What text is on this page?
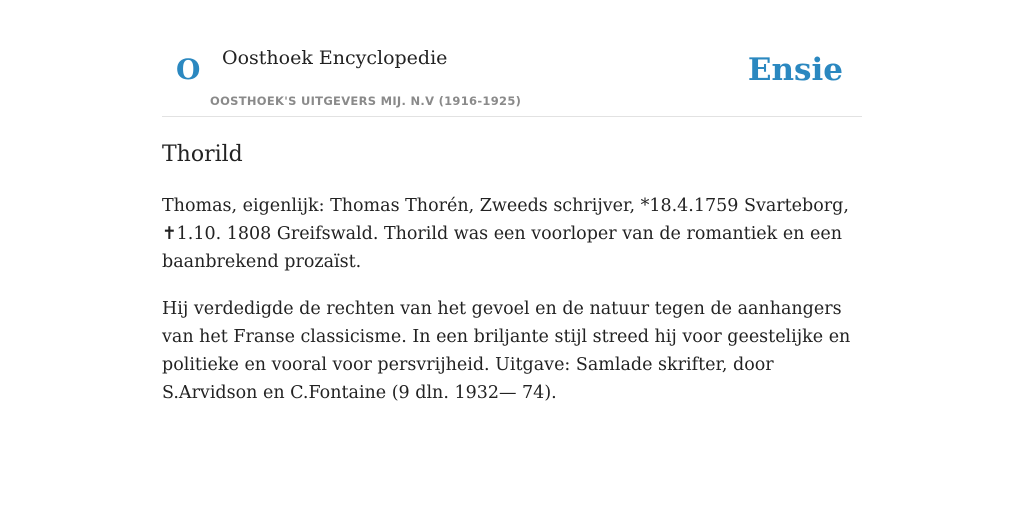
O Oosthoek Encyclopedie
OOSTHOEK'S UITGEVERS MIJ. N.V (1916-1925)
Ensie
Thorild

Thomas, eigenlijk: Thomas Thorén, Zweeds schrijver, *18.4.1759 Svarteborg, ✝1.10. 1808 Greifswald. Thorild was een voorloper van de romantiek en een baanbrekend prozaïst.

Hij verdedigde de rechten van het gevoel en de natuur tegen de aanhangers van het Franse classicisme. In een briljante stijl streed hij voor geestelijke en politieke en vooral voor persvrijheid. Uitgave: Samlade skrifter, door S.Arvidson en C.Fontaine (9 dln. 1932— 74).
